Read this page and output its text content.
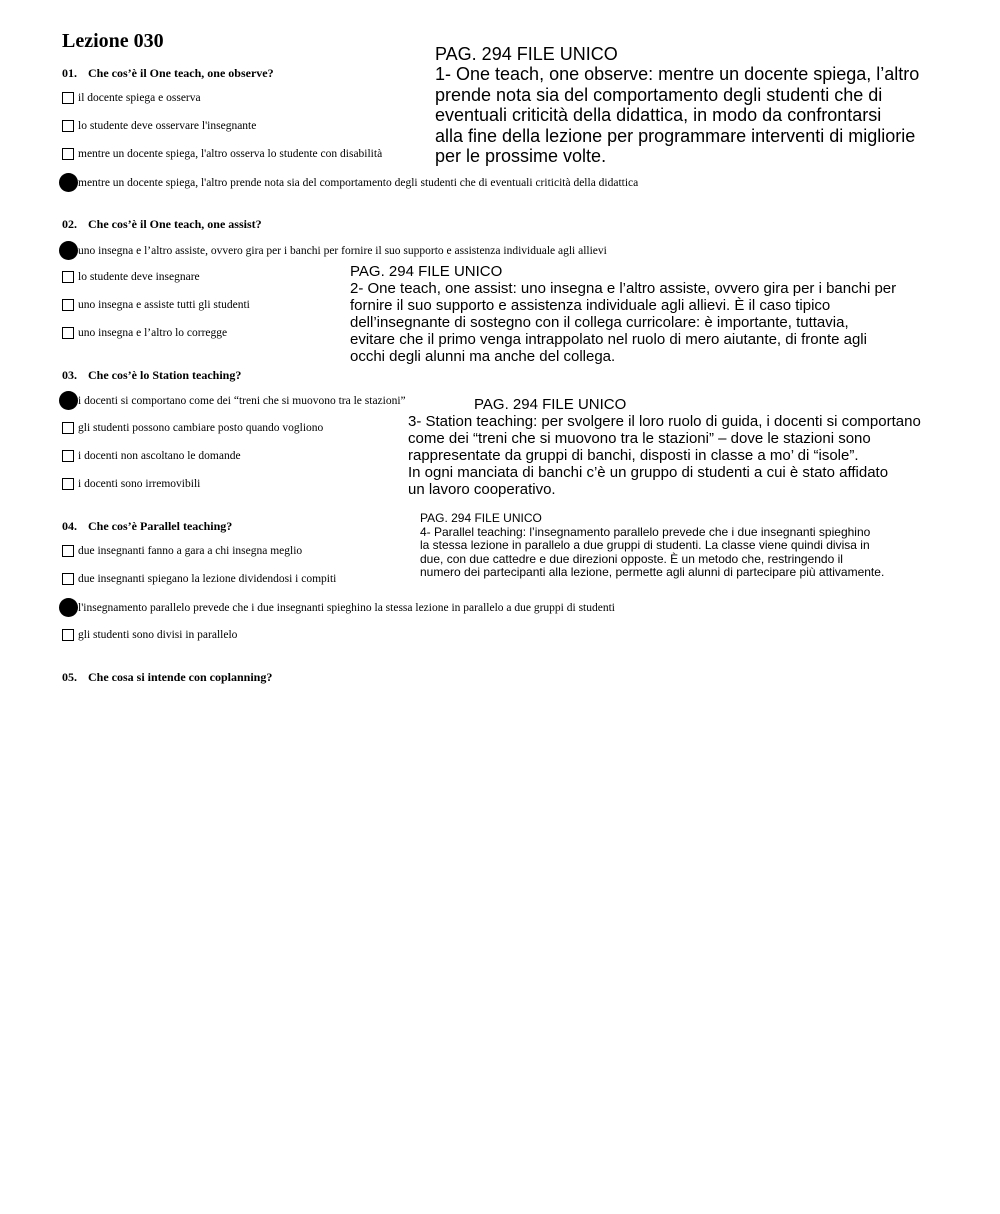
Lezione 030
01. Che cos’è il One teach, one observe?
il docente spiega e osserva
lo studente deve osservare l'insegnante
mentre un docente spiega, l'altro osserva lo studente con disabilità
mentre un docente spiega, l'altro prende nota sia del comportamento degli studenti che di eventuali criticità della didattica
02. Che cos’è il One teach, one assist?
uno insegna e l’altro assiste, ovvero gira per i banchi per fornire il suo supporto e assistenza individuale agli allievi
lo studente deve insegnare
uno insegna e assiste tutti gli studenti
uno insegna e l’altro lo corregge
03. Che cos’è lo Station teaching?
i docenti si comportano come dei “treni che si muovono tra le stazioni”
gli studenti possono cambiare posto quando vogliono
i docenti non ascoltano le domande
i docenti sono irremovibili
04. Che cos’è Parallel teaching?
due insegnanti fanno a gara a chi insegna meglio
due insegnanti spiegano la lezione dividendosi i compiti
l'insegnamento parallelo prevede che i due insegnanti spieghino la stessa lezione in parallelo a due gruppi di studenti
gli studenti sono divisi in parallelo
05. Che cosa si intende con coplanning?
PAG. 294 FILE UNICO
1- One teach, one observe: mentre un docente spiega, l’altro
prende nota sia del comportamento degli studenti che di
eventuali criticità della didattica, in modo da confrontarsi
alla fine della lezione per programmare interventi di migliorie
per le prossime volte.
PAG. 294 FILE UNICO
2- One teach, one assist: uno insegna e l’altro assiste, ovvero gira per i banchi per
fornire il suo supporto e assistenza individuale agli allievi. È il caso tipico
dell’insegnante di sostegno con il collega curricolare: è importante, tuttavia,
evitare che il primo venga intrappolato nel ruolo di mero aiutante, di fronte agli
occhi degli alunni ma anche del collega.
PAG. 294 FILE UNICO
3- Station teaching: per svolgere il loro ruolo di guida, i docenti si comportano
come dei “treni che si muovono tra le stazioni” – dove le stazioni sono
rappresentate da gruppi di banchi, disposti in classe a mo’ di “isole”.
In ogni manciata di banchi c’è un gruppo di studenti a cui è stato affidato
un lavoro cooperativo.
PAG. 294 FILE UNICO
4- Parallel teaching: l’insegnamento parallelo prevede che i due insegnanti spieghino
la stessa lezione in parallelo a due gruppi di studenti. La classe viene quindi divisa in
due, con due cattedre e due direzioni opposte. È un metodo che, restringendo il
numero dei partecipanti alla lezione, permette agli alunni di partecipare più attivamente.
